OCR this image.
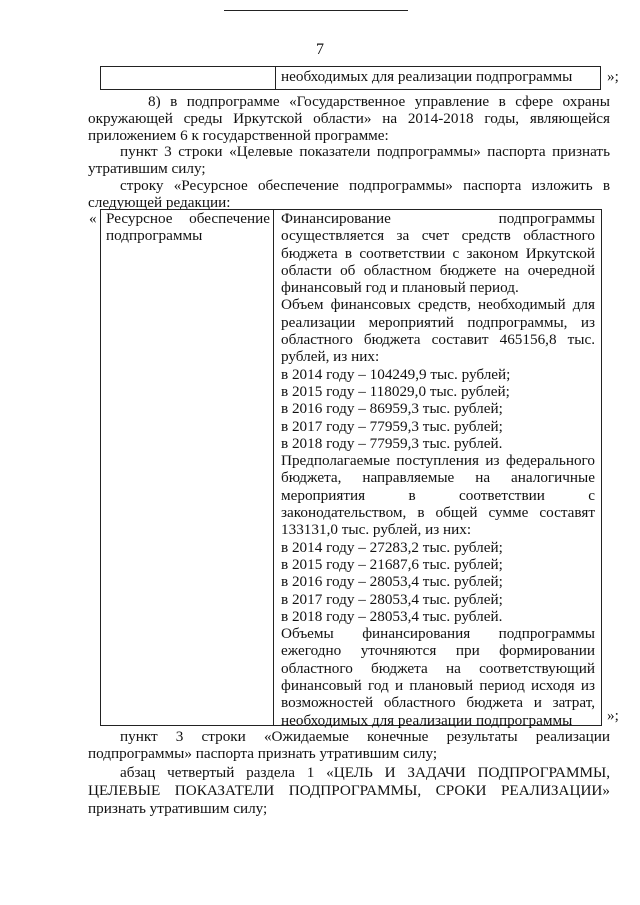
7
необходимых для реализации подпрограммы	»;
8) в подпрограмме «Государственное управление в сфере охраны
окружающей среды Иркутской области» на 2014-2018 годы, являющейся
приложением 6 к государственной программе:
пункт 3 строки «Целевые показатели подпрограммы» паспорта признать
утратившим силу;
строку «Ресурсное обеспечение подпрограммы» паспорта изложить в
следующей редакции:
« Ресурсное обеспечение
подпрограммы
Финансирование подпрограммы
осуществляется за счет средств областного
бюджета в соответствии с законом Иркутской
области об областном бюджете на очередной
финансовый год и плановый период.
Объем финансовых средств, необходимый для
реализации мероприятий подпрограммы, из
областного бюджета составит 465156,8 тыс.
рублей, из них:
в 2014 году – 104249,9 тыс. рублей;
в 2015 году – 118029,0 тыс. рублей;
в 2016 году – 86959,3 тыс. рублей;
в 2017 году – 77959,3 тыс. рублей;
в 2018 году – 77959,3 тыс. рублей.
Предполагаемые поступления из федерального
бюджета, направляемые на аналогичные
мероприятия в соответствии с
законодательством, в общей сумме составят
133131,0 тыс. рублей, из них:
в 2014 году – 27283,2 тыс. рублей;
в 2015 году – 21687,6 тыс. рублей;
в 2016 году – 28053,4 тыс. рублей;
в 2017 году – 28053,4 тыс. рублей;
в 2018 году – 28053,4 тыс. рублей.
Объемы финансирования подпрограммы
ежегодно уточняются при формировании
областного бюджета на соответствующий
финансовый год и плановый период исходя из
возможностей областного бюджета и затрат,
необходимых для реализации подпрограммы	»;
пункт 3 строки «Ожидаемые конечные результаты реализации
подпрограммы» паспорта признать утратившим силу;
абзац четвертый раздела 1 «ЦЕЛЬ И ЗАДАЧИ ПОДПРОГРАММЫ,
ЦЕЛЕВЫЕ ПОКАЗАТЕЛИ ПОДПРОГРАММЫ, СРОКИ РЕАЛИЗАЦИИ»
признать утратившим силу;
